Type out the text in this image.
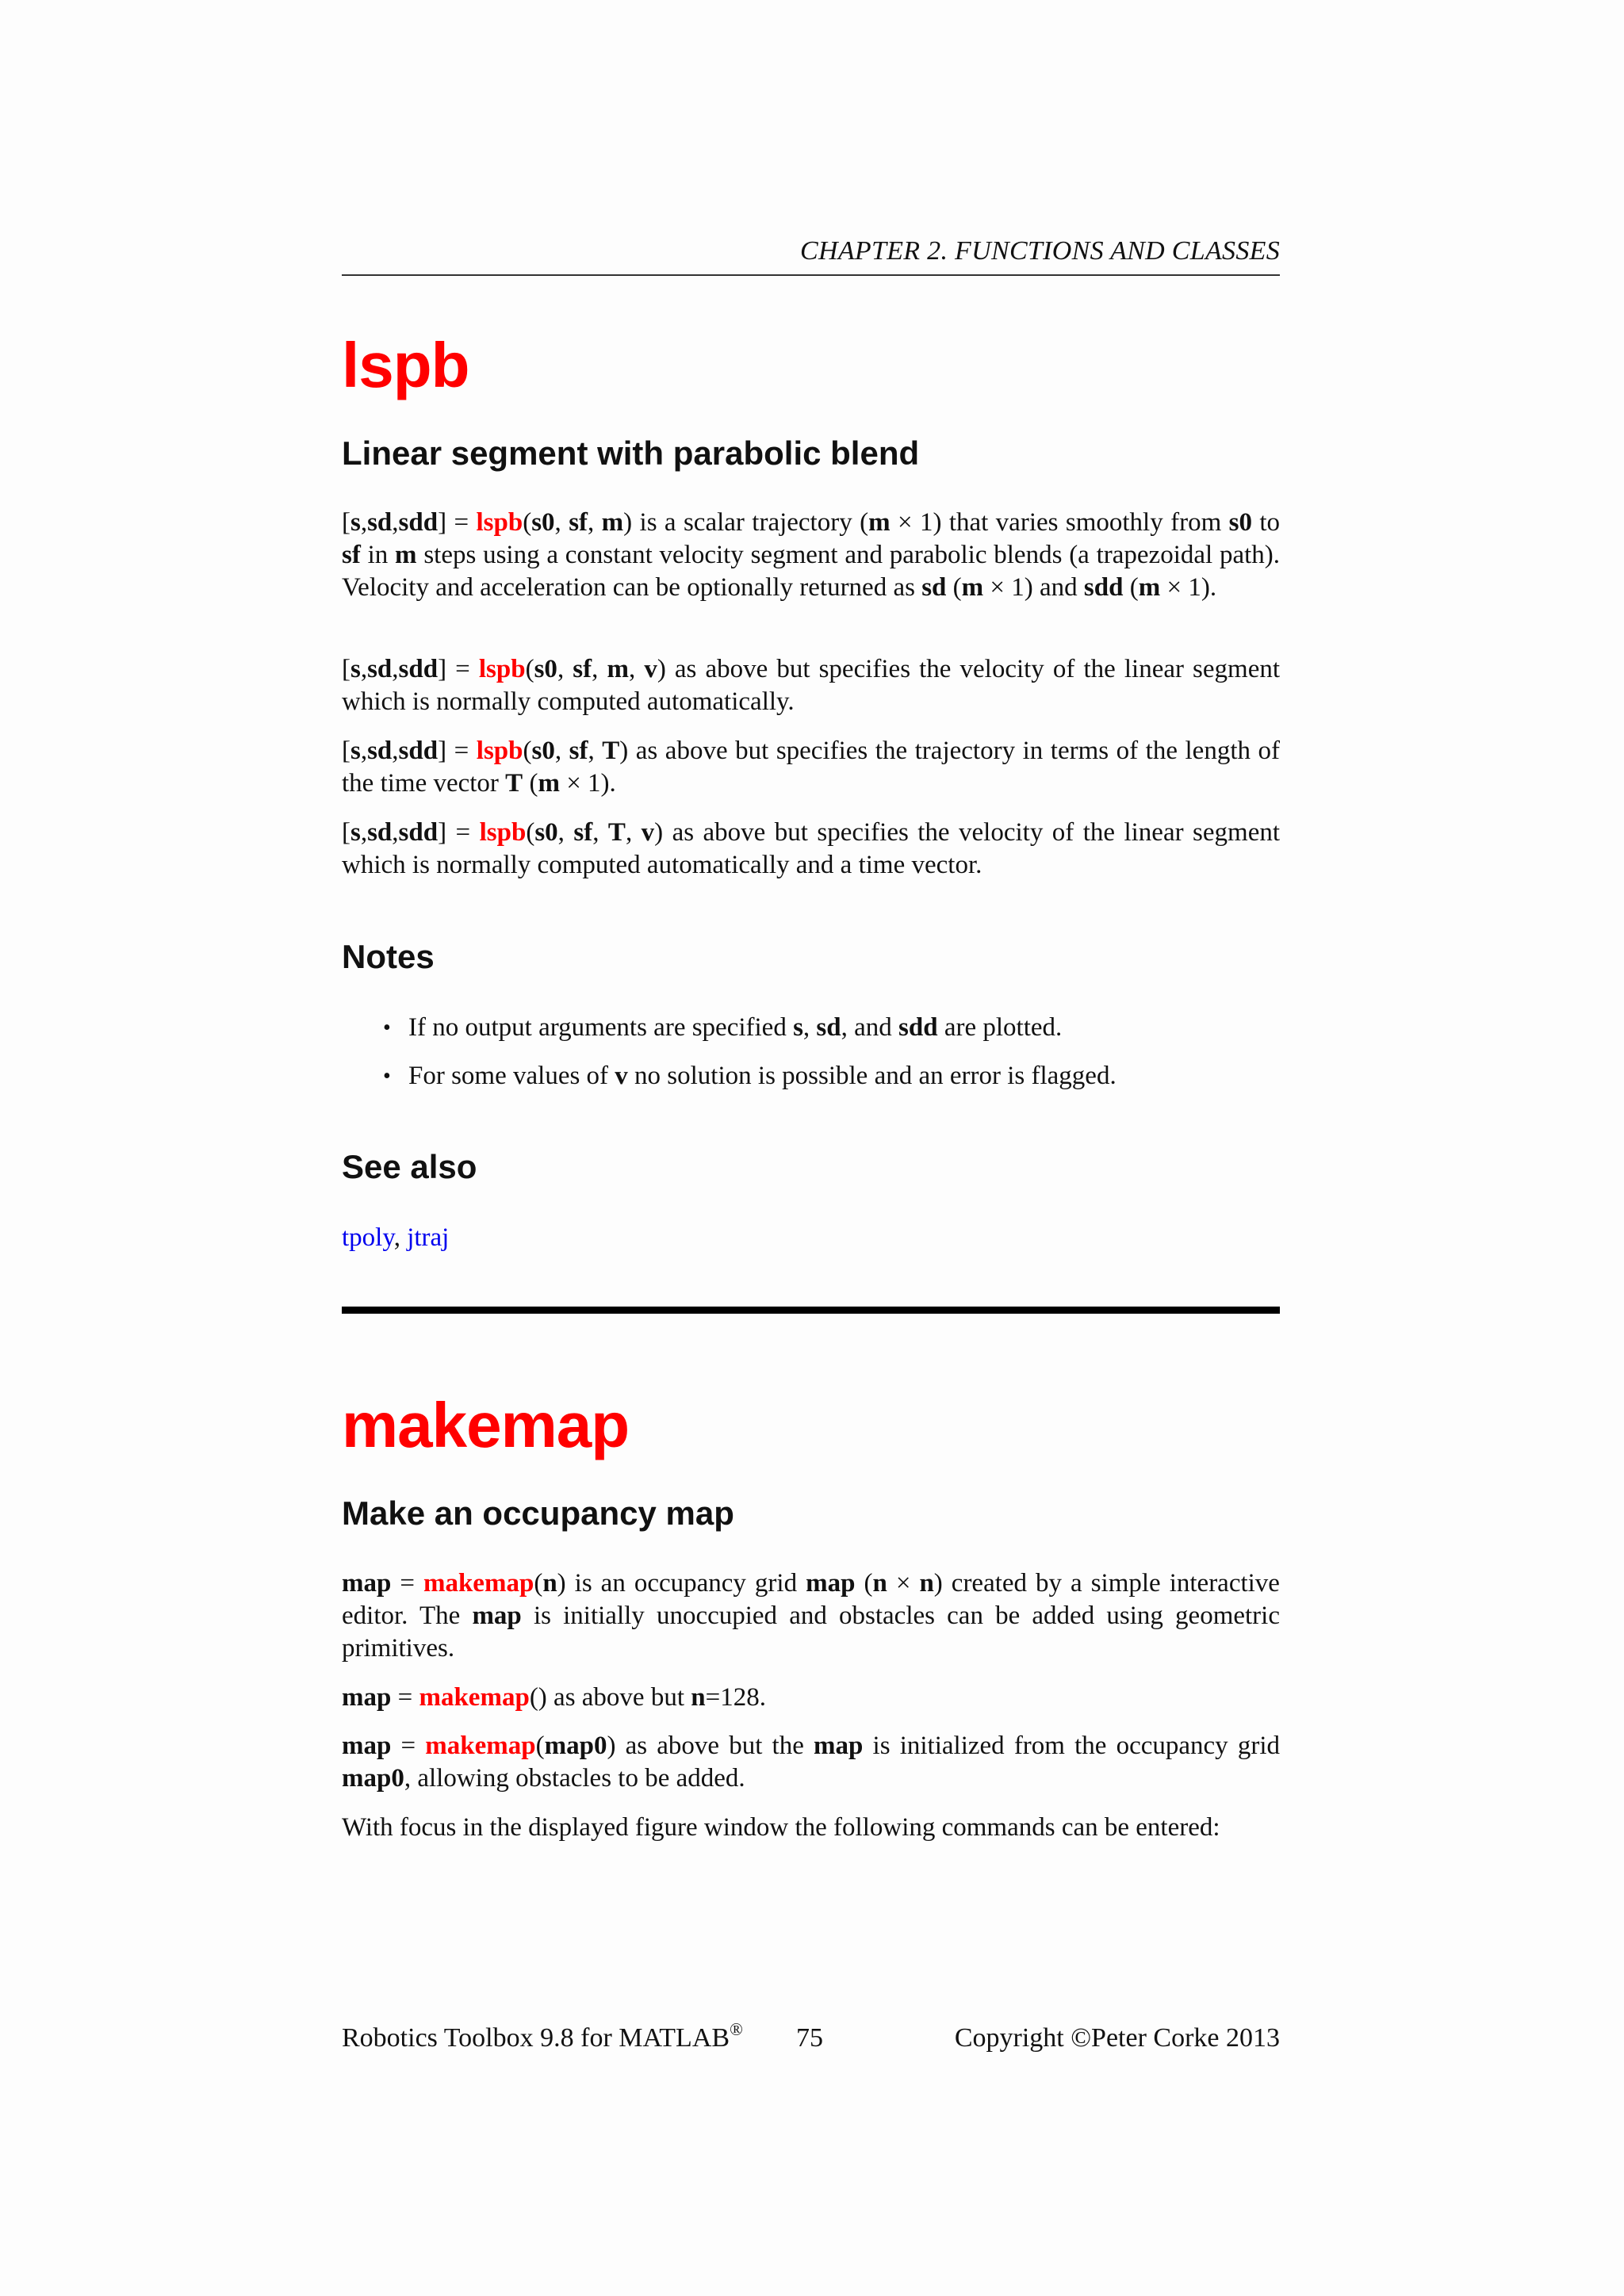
CHAPTER 2. FUNCTIONS AND CLASSES
lspb
Linear segment with parabolic blend

[s,sd,sdd] = lspb(s0, sf, m) is a scalar trajectory (m × 1) that varies smoothly from s0 to sf in m steps using a constant velocity segment and parabolic blends (a trapezoidal path). Velocity and acceleration can be optionally returned as sd (m × 1) and sdd (m × 1).

[s,sd,sdd] = lspb(s0, sf, m, v) as above but specifies the velocity of the linear segment which is normally computed automatically.

[s,sd,sdd] = lspb(s0, sf, T) as above but specifies the trajectory in terms of the length of the time vector T (m × 1).

[s,sd,sdd] = lspb(s0, sf, T, v) as above but specifies the velocity of the linear segment which is normally computed automatically and a time vector.

Notes
• If no output arguments are specified s, sd, and sdd are plotted.
• For some values of v no solution is possible and an error is flagged.
See also

tpoly, jtraj

makemap
Make an occupancy map

map = makemap(n) is an occupancy grid map (n × n) created by a simple interactive editor. The map is initially unoccupied and obstacles can be added using geometric primitives.

map = makemap() as above but n=128.

map = makemap(map0) as above but the map is initialized from the occupancy grid map0, allowing obstacles to be added.

With focus in the displayed figure window the following commands can be entered:

Robotics Toolbox 9.8 for MATLAB® 75	Copyright ©Peter Corke 2013
